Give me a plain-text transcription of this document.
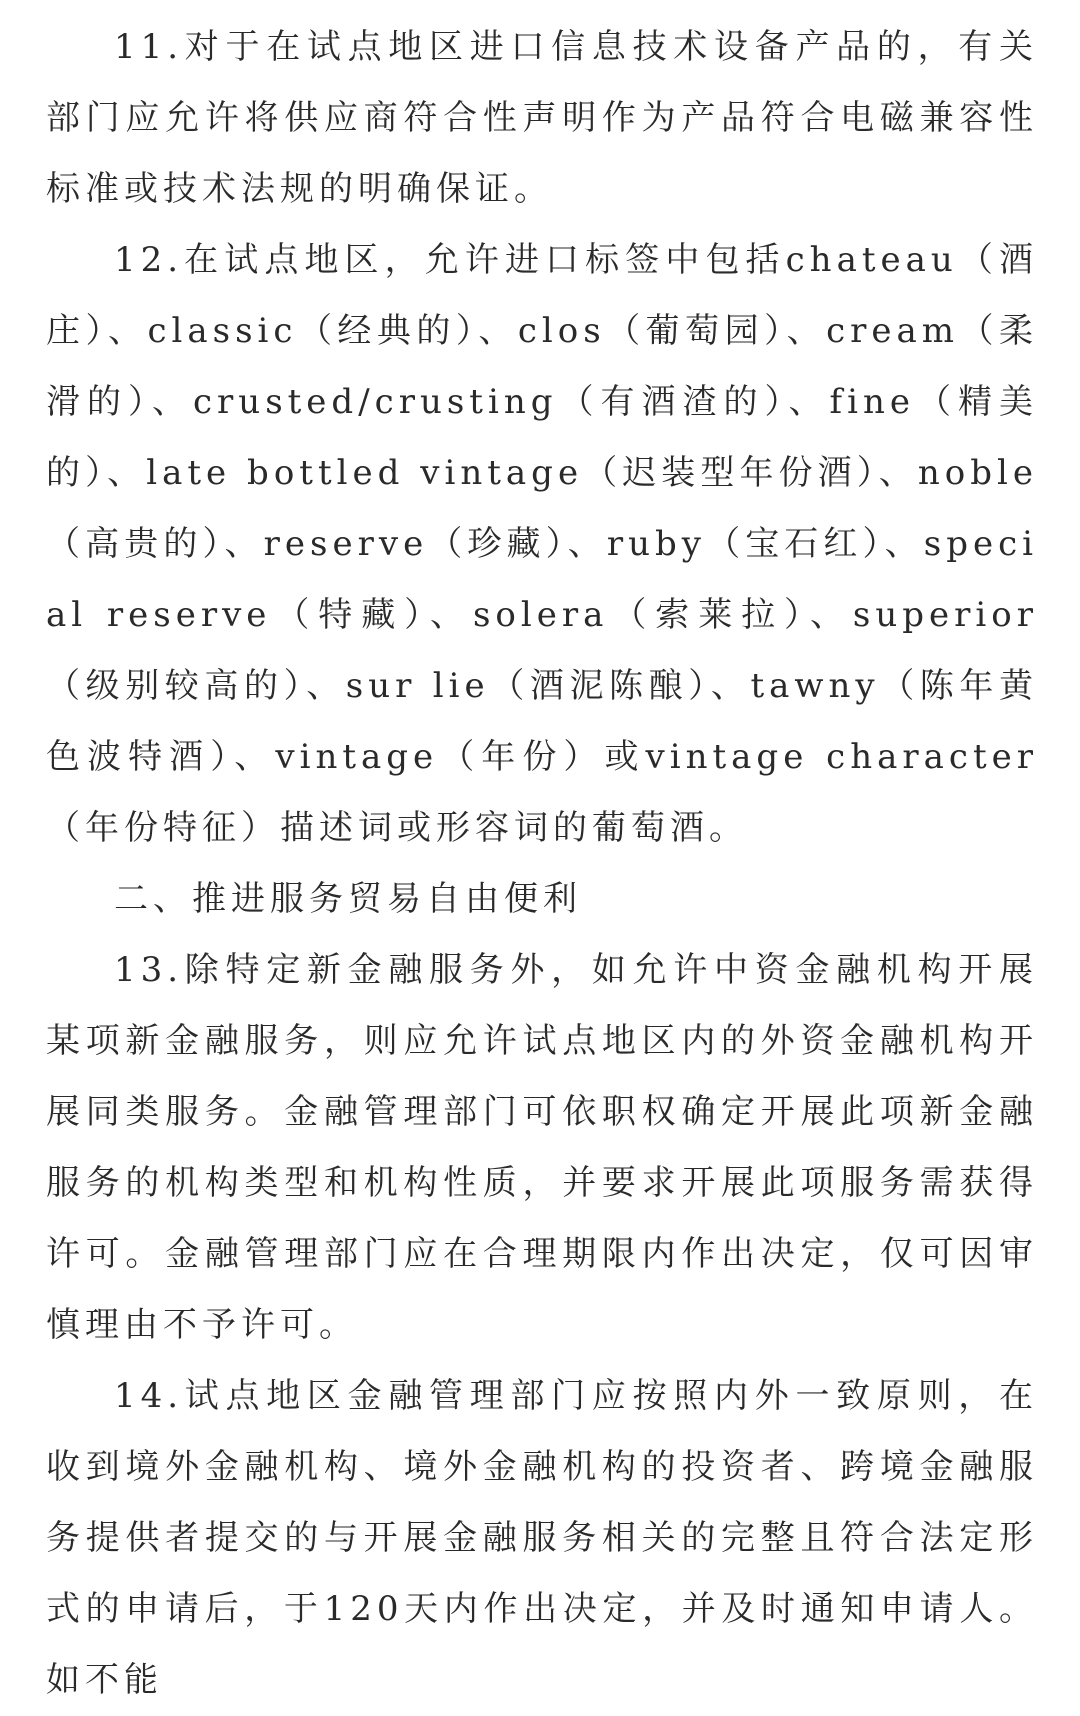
11.对于在试点地区进口信息技术设备产品的，有关部门应允许将供应商符合性声明作为产品符合电磁兼容性标准或技术法规的明确保证。

12.在试点地区，允许进口标签中包括chateau（酒庄）、classic（经典的）、clos（葡萄园）、cream（柔滑的）、crusted/crusting（有酒渣的）、fine（精美的）、late bottled vintage（迟装型年份酒）、noble（高贵的）、reserve（珍藏）、ruby（宝石红）、special reserve（特藏）、solera（索莱拉）、superior（级别较高的）、sur lie（酒泥陈酿）、tawny（陈年黄色波特酒）、vintage（年份）或vintage character（年份特征）描述词或形容词的葡萄酒。

二、推进服务贸易自由便利

13.除特定新金融服务外，如允许中资金融机构开展某项新金融服务，则应允许试点地区内的外资金融机构开展同类服务。金融管理部门可依职权确定开展此项新金融服务的机构类型和机构性质，并要求开展此项服务需获得许可。金融管理部门应在合理期限内作出决定，仅可因审慎理由不予许可。

14.试点地区金融管理部门应按照内外一致原则，在收到境外金融机构、境外金融机构的投资者、跨境金融服务提供者提交的与开展金融服务相关的完整且符合法定形式的申请后，于120天内作出决定，并及时通知申请人。如不能
